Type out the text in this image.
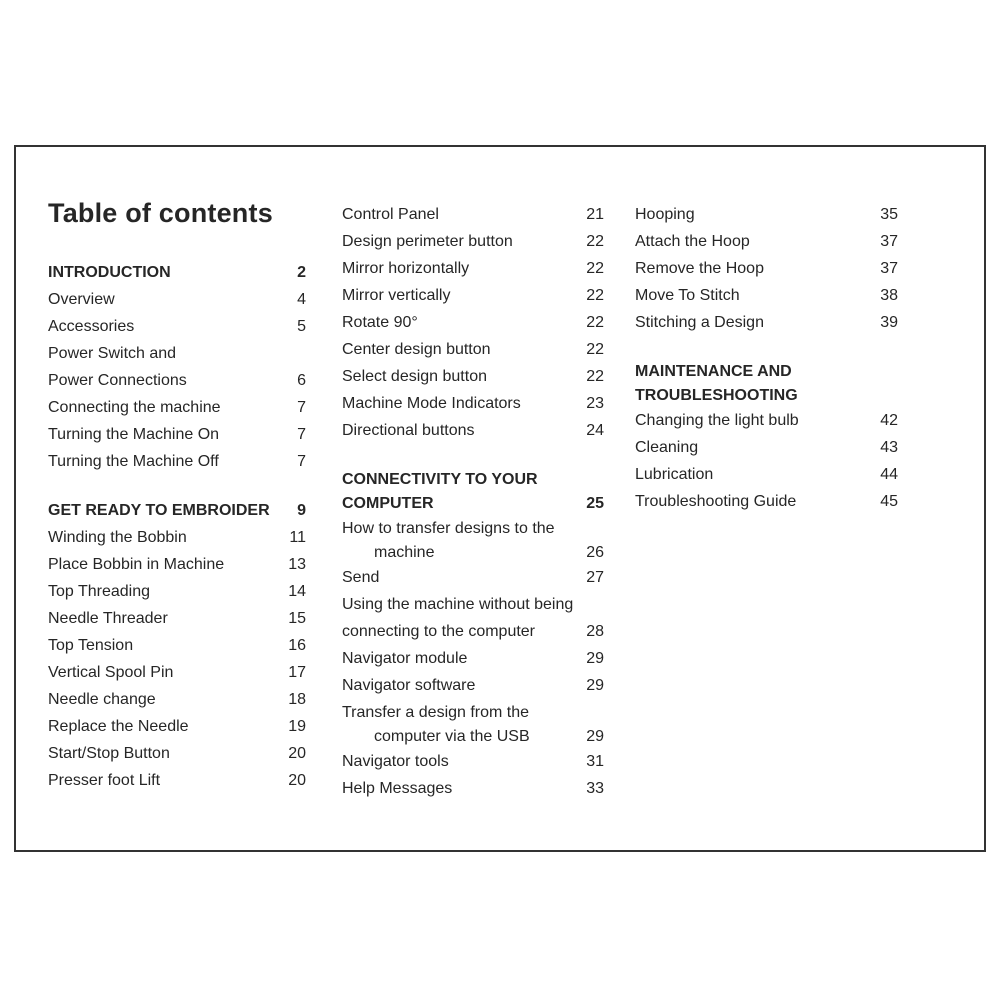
Table of contents
INTRODUCTION	2
Overview	4
Accessories	5
Power Switch and
Power Connections	6
Connecting the machine	7
Turning the Machine On	7
Turning the Machine Off	7
GET READY TO EMBROIDER 9
Winding the Bobbin	11
Place Bobbin in Machine	13
Top Threading	14
Needle Threader	15
Top Tension	16
Vertical Spool Pin	17
Needle change	18
Replace the Needle	19
Start/Stop Button	20
Presser foot Lift	20
Control Panel	21
Design perimeter button	22
Mirror horizontally	22
Mirror vertically	22
Rotate 90°	22
Center design button	22
Select design button	22
Machine Mode Indicators	23
Directional buttons	24
CONNECTIVITY TO YOUR
COMPUTER	25
How to transfer designs to the
machine	26
Send	27
Using the machine without being
connecting to the computer	28
Navigator module	29
Navigator software	29
Transfer a design from the
computer via the USB	29
Navigator tools	31
Help Messages	33
Hooping	35
Attach the Hoop	37
Remove the Hoop	37
Move To Stitch	38
Stitching a Design	39
MAINTENANCE AND
TROUBLESHOOTING
Changing the light bulb	42
Cleaning	43
Lubrication	44
Troubleshooting Guide	45
